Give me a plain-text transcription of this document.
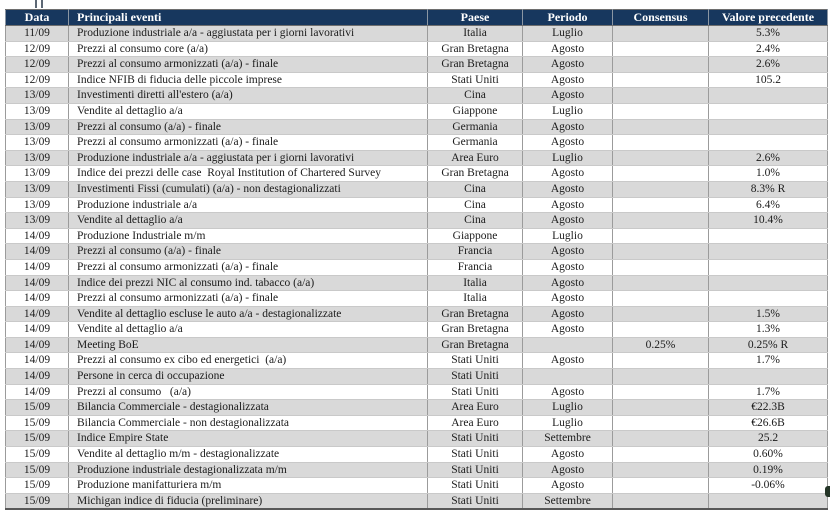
Data	Principali eventi	Paese	Periodo	Consensus	Valore precedente
11/09	Produzione industriale a/a - aggiustata per i giorni lavorativi	Italia	Luglio		5.3%
12/09	Prezzi al consumo core (a/a)	Gran Bretagna	Agosto		2.4%
12/09	Prezzi al consumo armonizzati (a/a) - finale	Gran Bretagna	Agosto		2.6%
12/09	Indice NFIB di fiducia delle piccole imprese	Stati Uniti	Agosto		105.2
13/09	Investimenti diretti all'estero (a/a)	Cina	Agosto		
13/09	Vendite al dettaglio a/a	Giappone	Luglio		
13/09	Prezzi al consumo (a/a) - finale	Germania	Agosto		
13/09	Prezzi al consumo armonizzati (a/a) - finale	Germania	Agosto		
13/09	Produzione industriale a/a - aggiustata per i giorni lavorativi	Area Euro	Luglio		2.6%
13/09	Indice dei prezzi delle case  Royal Institution of Chartered Survey	Gran Bretagna	Agosto		1.0%
13/09	Investimenti Fissi (cumulati) (a/a) - non destagionalizzati	Cina	Agosto		8.3% R
13/09	Produzione industriale a/a	Cina	Agosto		6.4%
13/09	Vendite al dettaglio a/a	Cina	Agosto		10.4%
14/09	Produzione Industriale m/m	Giappone	Luglio		
14/09	Prezzi al consumo (a/a) - finale	Francia	Agosto		
14/09	Prezzi al consumo armonizzati (a/a) - finale	Francia	Agosto		
14/09	Indice dei prezzi NIC al consumo ind. tabacco (a/a)	Italia	Agosto		
14/09	Prezzi al consumo armonizzati (a/a) - finale	Italia	Agosto		
14/09	Vendite al dettaglio escluse le auto a/a - destagionalizzate	Gran Bretagna	Agosto		1.5%
14/09	Vendite al dettaglio a/a	Gran Bretagna	Agosto		1.3%
14/09	Meeting BoE	Gran Bretagna		0.25%	0.25% R
14/09	Prezzi al consumo ex cibo ed energetici  (a/a)	Stati Uniti	Agosto		1.7%
14/09	Persone in cerca di occupazione	Stati Uniti			
14/09	Prezzi al consumo   (a/a)	Stati Uniti	Agosto		1.7%
15/09	Bilancia Commerciale - destagionalizzata	Area Euro	Luglio		€22.3B
15/09	Bilancia Commerciale - non destagionalizzata	Area Euro	Luglio		€26.6B
15/09	Indice Empire State	Stati Uniti	Settembre		25.2
15/09	Vendite al dettaglio m/m - destagionalizzate	Stati Uniti	Agosto		0.60%
15/09	Produzione industriale destagionalizzata m/m	Stati Uniti	Agosto		0.19%
15/09	Produzione manifatturiera m/m	Stati Uniti	Agosto		-0.06%
15/09	Michigan indice di fiducia (preliminare)	Stati Uniti	Settembre		
